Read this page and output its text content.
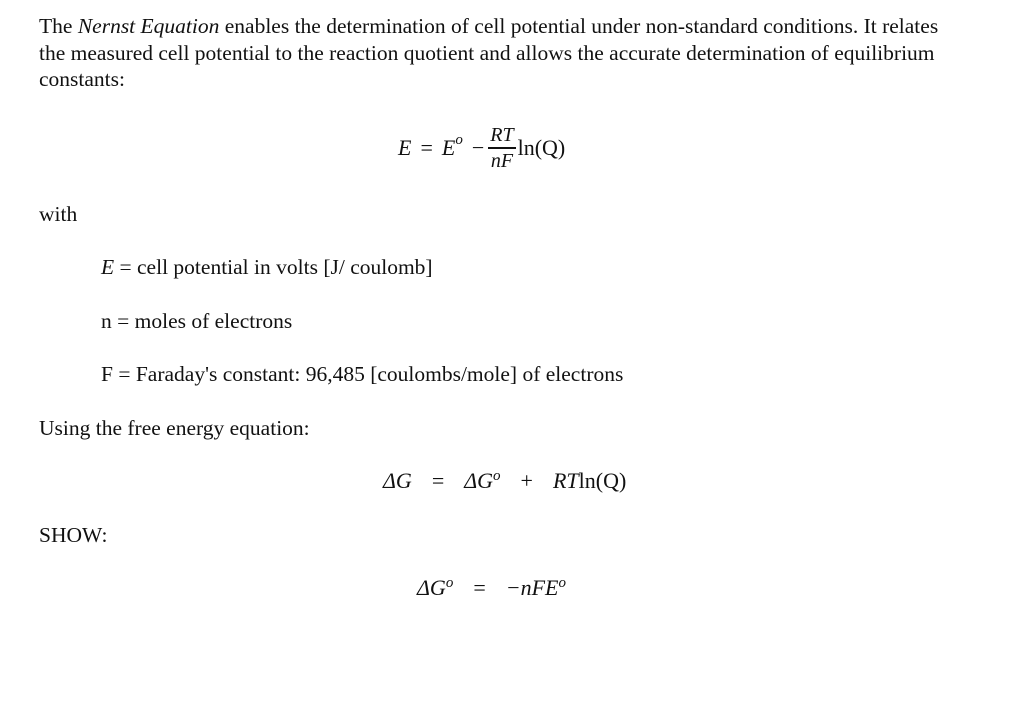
The Nernst Equation enables the determination of cell potential under non-standard conditions. It relates the measured cell potential to the reaction quotient and allows the accurate determination of equilibrium constants:

E = E $o - \frac{RT}{nF} \ln(Q)$

with

E = cell potential in volts [J/ coulomb]

n = moles of electrons

F = Faraday's constant: 96,485 [coulombs/mole] of electrons

Using the free energy equation:

$\Delta G = \Delta G^o + RTln(Q)$

SHOW:

$\Delta G^o = -nFE^o$
